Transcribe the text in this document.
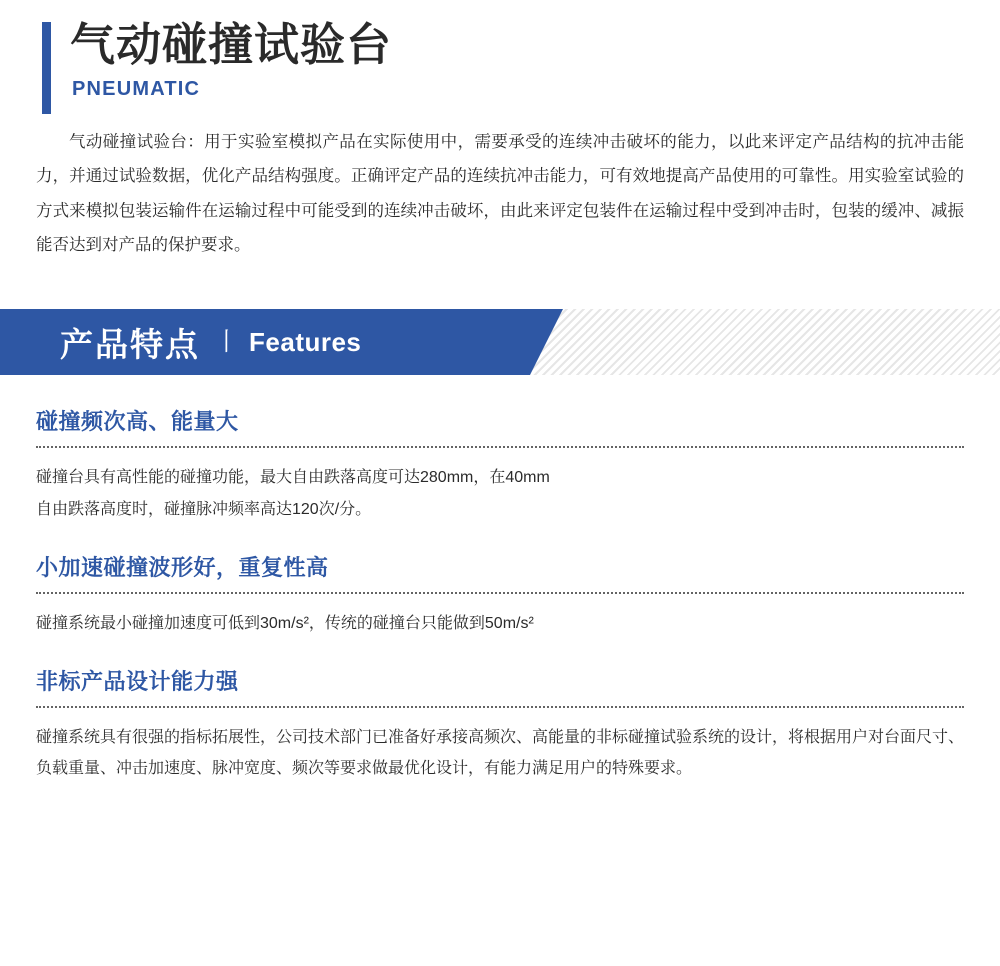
气动碰撞试验台
PNEUMATIC
气动碰撞试验台：用于实验室模拟产品在实际使用中，需要承受的连续冲击破坏的能力，以此来评定产品结构的抗冲击能力，并通过试验数据，优化产品结构强度。正确评定产品的连续抗冲击能力，可有效地提高产品使用的可靠性。用实验室试验的方式来模拟包装运输件在运输过程中可能受到的连续冲击破坏，由此来评定包装件在运输过程中受到冲击时，包装的缓冲、减振能否达到对产品的保护要求。
产品特点 丨 Features
碰撞频次高、能量大

碰撞台具有高性能的碰撞功能，最大自由跌落高度可达280mm，在40mm

自由跌落高度时，碰撞脉冲频率高达120次/分。

小加速碰撞波形好，重复性高

碰撞系统最小碰撞加速度可低到30m/s²，传统的碰撞台只能做到50m/s²

非标产品设计能力强

碰撞系统具有很强的指标拓展性，公司技术部门已准备好承接高频次、高能量的非标碰撞试验系统的设计，将根据用户对台面尺寸、负载重量、冲击加速度、脉冲宽度、频次等要求做最优化设计，有能力满足用户的特殊要求。
